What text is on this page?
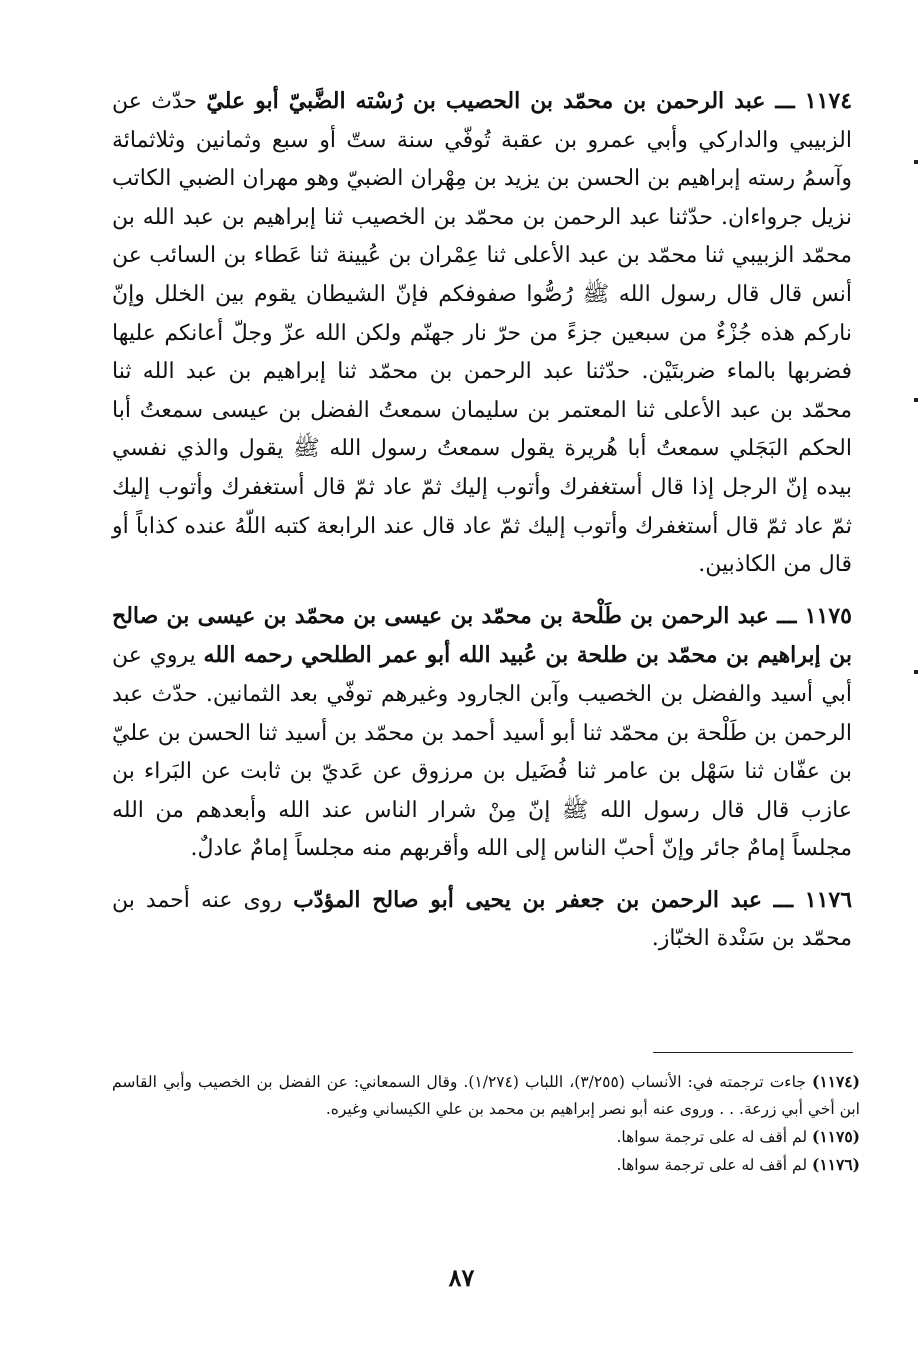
١١٧٤ ـــ عبد الرحمن بن محمّد بن الحصيب بن رُسْته الضَّبيّ أبو عليّ حدّث عن الزبيبي والداركي وأبي عمرو بن عقبة تُوفّي سنة ستّ أو سبع وثمانين وثلاثمائة وآسمُ رسته إبراهيم بن الحسن بن يزيد بن مِهْران الضبيّ وهو مهران الضبي الكاتب نزيل جرواءان. حدّثنا عبد الرحمن بن محمّد بن الخصيب ثنا إبراهيم بن عبد الله بن محمّد الزبيبي ثنا محمّد بن عبد الأعلى ثنا عِمْران بن عُيينة ثنا عَطاء بن السائب عن أنس قال قال رسول الله ﷺ رُصُّوا صفوفكم فإنّ الشيطان يقوم بين الخلل وإنّ ناركم هذه جُزْءٌ من سبعين جزءً من حرّ نار جهنّم ولكن الله عزّ وجلّ أعانكم عليها فضربها بالماء ضربتَيْن. حدّثنا عبد الرحمن بن محمّد ثنا إبراهيم بن عبد الله ثنا محمّد بن عبد الأعلى ثنا المعتمر بن سليمان سمعتُ الفضل بن عيسى سمعتُ أبا الحكم البَجَلي سمعتُ أبا هُريرة يقول سمعتُ رسول الله ﷺ يقول والذي نفسي بيده إنّ الرجل إذا قال أستغفرك وأتوب إليك ثمّ عاد ثمّ قال أستغفرك وأتوب إليك ثمّ عاد ثمّ قال أستغفرك وأتوب إليك ثمّ عاد قال عند الرابعة كتبه اللّهُ عنده كذاباً أو قال من الكاذبين.

١١٧٥ ـــ عبد الرحمن بن طَلْحة بن محمّد بن عيسى بن محمّد بن عيسى بن صالح بن إبراهيم بن محمّد بن طلحة بن عُبيد الله أبو عمر الطلحي رحمه الله يروي عن أبي أسيد والفضل بن الخصيب وآبن الجارود وغيرهم توفّي بعد الثمانين. حدّث عبد الرحمن بن طَلْحة بن محمّد ثنا أبو أسيد أحمد بن محمّد بن أسيد ثنا الحسن بن عليّ بن عفّان ثنا سَهْل بن عامر ثنا فُضَيل بن مرزوق عن عَديّ بن ثابت عن البَراء بن عازب قال قال رسول الله ﷺ إنّ مِنْ شرار الناس عند الله وأبعدهم من الله مجلساً إمامٌ جائر وإنّ أحبّ الناس إلى الله وأقربهم منه مجلساً إمامٌ عادلٌ.

١١٧٦ ـــ عبد الرحمن بن جعفر بن يحيى أبو صالح المؤدّب روى عنه أحمد بن محمّد بن سَنْدة الخبّاز.

(١١٧٤) جاءت ترجمته في: الأنساب (٣/٢٥٥)، اللباب (١/٢٧٤). وقال السمعاني: عن الفضل بن الخصيب وأبي القاسم ابن أخي أبي زرعة. . . وروى عنه أبو نصر إبراهيم بن محمد بن علي الكيساني وغيره.

(١١٧٥) لم أقف له على ترجمة سواها.

(١١٧٦) لم أقف له على ترجمة سواها.

٨٧
